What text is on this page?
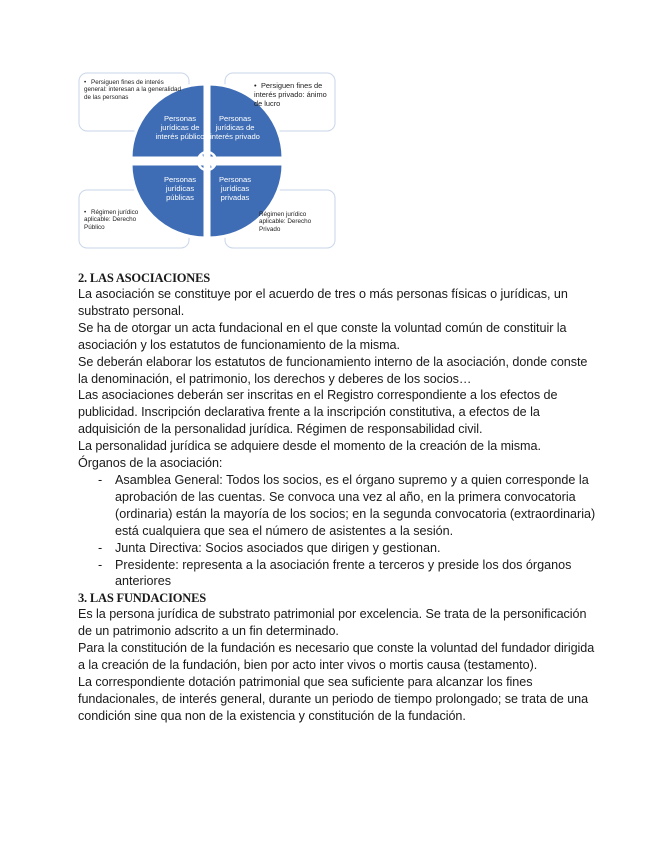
• Persiguen fines de interés general: interesan a la generalidad de las personas
• Persiguen fines de interés privado: ánimo de lucro
• Régimen jurídico aplicable: Derecho Público
Régimen jurídico aplicable: Derecho Privado
Personas jurídicas de interés público
Personas jurídicas de interés privado
Personas jurídicas públicas
Personas jurídicas privadas
2. LAS ASOCIACIONES

La asociación se constituye por el acuerdo de tres o más personas físicas o jurídicas, un substrato personal.

Se ha de otorgar un acta fundacional en el que conste la voluntad común de constituir la asociación y los estatutos de funcionamiento de la misma.

Se deberán elaborar los estatutos de funcionamiento interno de la asociación, donde conste la denominación, el patrimonio, los derechos y deberes de los socios…

Las asociaciones deberán ser inscritas en el Registro correspondiente a los efectos de publicidad. Inscripción declarativa frente a la inscripción constitutiva, a efectos de la adquisición de la personalidad jurídica. Régimen de responsabilidad civil.

La personalidad jurídica se adquiere desde el momento de la creación de la misma.

Órganos de la asociación:

- Asamblea General: Todos los socios, es el órgano supremo y a quien corresponde la aprobación de las cuentas. Se convoca una vez al año, en la primera convocatoria (ordinaria) están la mayoría de los socios; en la segunda convocatoria (extraordinaria) está cualquiera que sea el número de asistentes a la sesión.
- Junta Directiva: Socios asociados que dirigen y gestionan.
- Presidente: representa a la asociación frente a terceros y preside los dos órganos anteriores
3. LAS FUNDACIONES

Es la persona jurídica de substrato patrimonial por excelencia. Se trata de la personificación de un patrimonio adscrito a un fin determinado.

Para la constitución de la fundación es necesario que conste la voluntad del fundador dirigida a la creación de la fundación, bien por acto inter vivos o mortis causa (testamento).

La correspondiente dotación patrimonial que sea suficiente para alcanzar los fines fundacionales, de interés general, durante un periodo de tiempo prolongado; se trata de una condición sine qua non de la existencia y constitución de la fundación.
